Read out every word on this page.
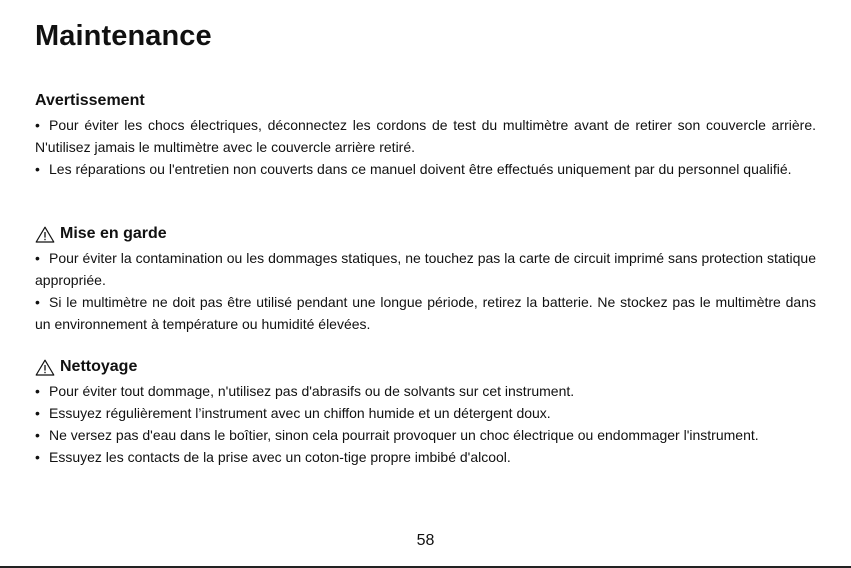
Maintenance
Avertissement

• Pour éviter les chocs électriques, déconnectez les cordons de test du multimètre avant de retirer son couvercle arrière. N'utilisez jamais le multimètre avec le couvercle arrière retiré.

• Les réparations ou l'entretien non couverts dans ce manuel doivent être effectués uniquement par du personnel qualifié.

Mise en garde

• Pour éviter la contamination ou les dommages statiques, ne touchez pas la carte de circuit imprimé sans protection statique appropriée.

• Si le multimètre ne doit pas être utilisé pendant une longue période, retirez la batterie. Ne stockez pas le multimètre dans un environnement à température ou humidité élevées.

Nettoyage

• Pour éviter tout dommage, n'utilisez pas d'abrasifs ou de solvants sur cet instrument.

• Essuyez régulièrement l’instrument avec un chiffon humide et un détergent doux.

• Ne versez pas d'eau dans le boîtier, sinon cela pourrait provoquer un choc électrique ou endommager l'instrument.

• Essuyez les contacts de la prise avec un coton-tige propre imbibé d'alcool.

58
